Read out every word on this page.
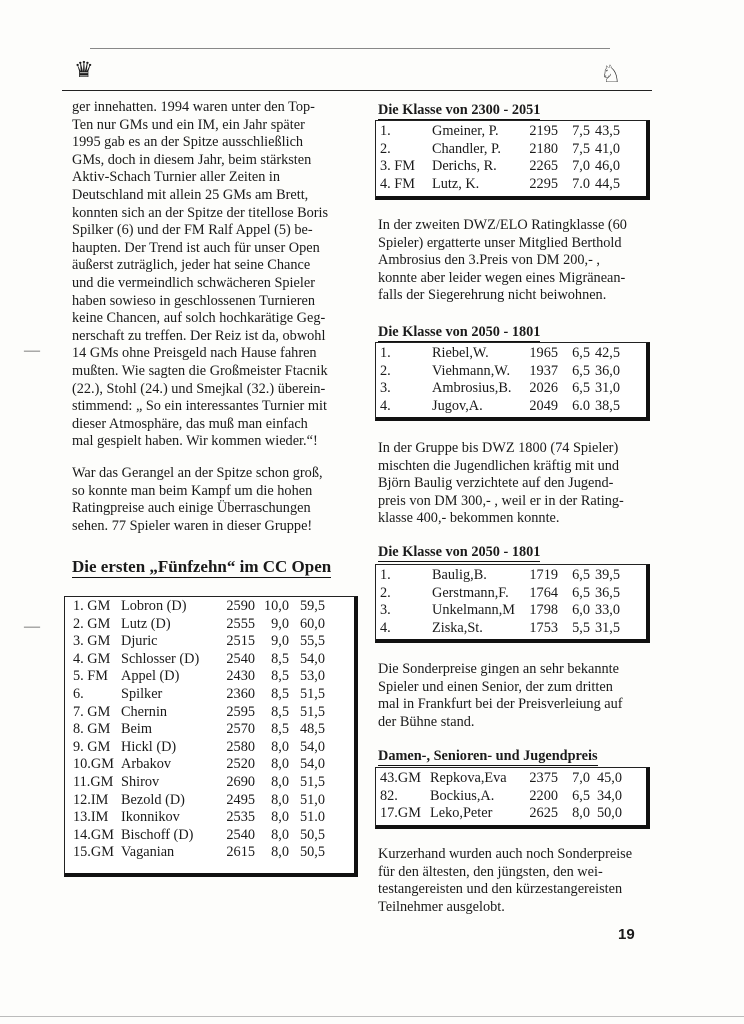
♛	♘
—
—

ger innehatten. 1994 waren unter den Top-

Ten nur GMs und ein IM, ein Jahr später

1995 gab es an der Spitze ausschließlich

GMs, doch in diesem Jahr, beim stärksten

Aktiv-Schach Turnier aller Zeiten in

Deutschland mit allein 25 GMs am Brett,

konnten sich an der Spitze der titellose Boris

Spilker (6) und der FM Ralf Appel (5) be-

haupten. Der Trend ist auch für unser Open

äußerst zuträglich, jeder hat seine Chance

und die vermeindlich schwächeren Spieler

haben sowieso in geschlossenen Turnieren

keine Chancen, auf solch hochkarätige Geg-

nerschaft zu treffen. Der Reiz ist da, obwohl

14 GMs ohne Preisgeld nach Hause fahren

mußten. Wie sagten die Großmeister Ftacnik

(22.), Stohl (24.) und Smejkal (32.) überein-

stimmend: „ So ein interessantes Turnier mit

dieser Atmosphäre, das muß man einfach

mal gespielt haben. Wir kommen wieder.“!

War das Gerangel an der Spitze schon groß,

so konnte man beim Kampf um die hohen

Ratingpreise auch einige Überraschungen

sehen. 77 Spieler waren in dieser Gruppe!

Die ersten „Fünfzehn“ im CC Open
1. GM	Lobron (D)	2590	10,0	59,5
2. GM	Lutz (D)	2555	9,0	60,0
3. GM	Djuric	2515	9,0	55,5
4. GM	Schlosser (D)	2540	8,5	54,0
5. FM	Appel (D)	2430	8,5	53,0
6.	Spilker	2360	8,5	51,5
7. GM	Chernin	2595	8,5	51,5
8. GM	Beim	2570	8,5	48,5
9. GM	Hickl (D)	2580	8,0	54,0
10.GM	Arbakov	2520	8,0	54,0
11.GM	Shirov	2690	8,0	51,5
12.IM	Bezold (D)	2495	8,0	51,0
13.IM	Ikonnikov	2535	8,0	51.0
14.GM	Bischoff (D)	2540	8,0	50,5
15.GM	Vaganian	2615	8,0	50,5
Die Klasse von 2300 - 2051
1.	Gmeiner, P.	2195	7,5	43,5
2.	Chandler, P.	2180	7,5	41,0
3. FM	Derichs, R.	2265	7,0	46,0
4. FM	Lutz, K.	2295	7.0	44,5

In der zweiten DWZ/ELO Ratingklasse (60

Spieler) ergatterte unser Mitglied Berthold

Ambrosius den 3.Preis von DM 200,- ,

konnte aber leider wegen eines Migränean-

falls der Siegerehrung nicht beiwohnen.

Die Klasse von 2050 - 1801
1.	Riebel,W.	1965	6,5	42,5
2.	Viehmann,W.	1937	6,5	36,0
3.	Ambrosius,B.	2026	6,5	31,0
4.	Jugov,A.	2049	6.0	38,5

In der Gruppe bis DWZ 1800 (74 Spieler)

mischten die Jugendlichen kräftig mit und

Björn Baulig verzichtete auf den Jugend-

preis von DM 300,- , weil er in der Rating-

klasse 400,- bekommen konnte.

Die Klasse von 2050 - 1801
1.	Baulig,B.	1719	6,5	39,5
2.	Gerstmann,F.	1764	6,5	36,5
3.	Unkelmann,M	1798	6,0	33,0
4.	Ziska,St.	1753	5,5	31,5

Die Sonderpreise gingen an sehr bekannte

Spieler und einen Senior, der zum dritten

mal in Frankfurt bei der Preisverleiung auf

der Bühne stand.

Damen-, Senioren- und Jugendpreis
43.GM	Repkova,Eva	2375	7,0	45,0
82.	Bockius,A.	2200	6,5	34,0
17.GM	Leko,Peter	2625	8,0	50,0

Kurzerhand wurden auch noch Sonderpreise

für den ältesten, den jüngsten, den wei-

testangereisten und den kürzestangereisten

Teilnehmer ausgelobt.

19
